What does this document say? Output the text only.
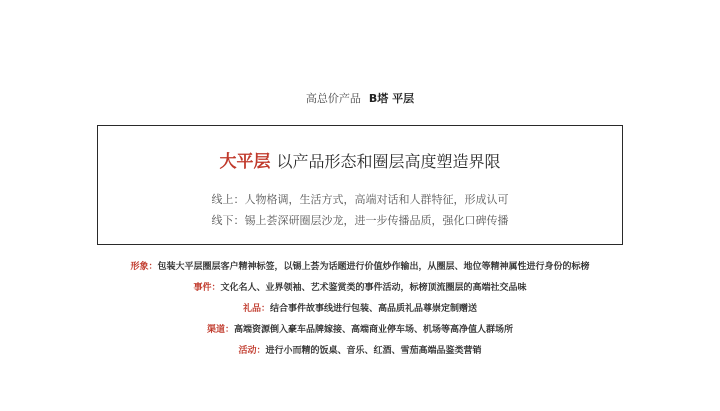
高总价产品 B塔 平层
大平层 以产品形态和圈层高度塑造界限
线上：人物格调，生活方式，高端对话和人群特征，形成认可
线下：锡上荟深研圈层沙龙，进一步传播品质，强化口碑传播
形象：包装大平层圈层客户精神标签，以锡上荟为话题进行价值炒作输出，从圈层、地位等精神属性进行身份的标榜
事件：文化名人、业界领袖、艺术鉴赏类的事件活动，标榜顶流圈层的高端社交品味
礼品：结合事件故事线进行包装、高品质礼品尊崇定制赠送
渠道：高端资源倒入豪车品牌嫁接、高端商业停车场、机场等高净值人群场所
活动：进行小而精的饭桌、音乐、红酒、雪茄高端品鉴类营销
